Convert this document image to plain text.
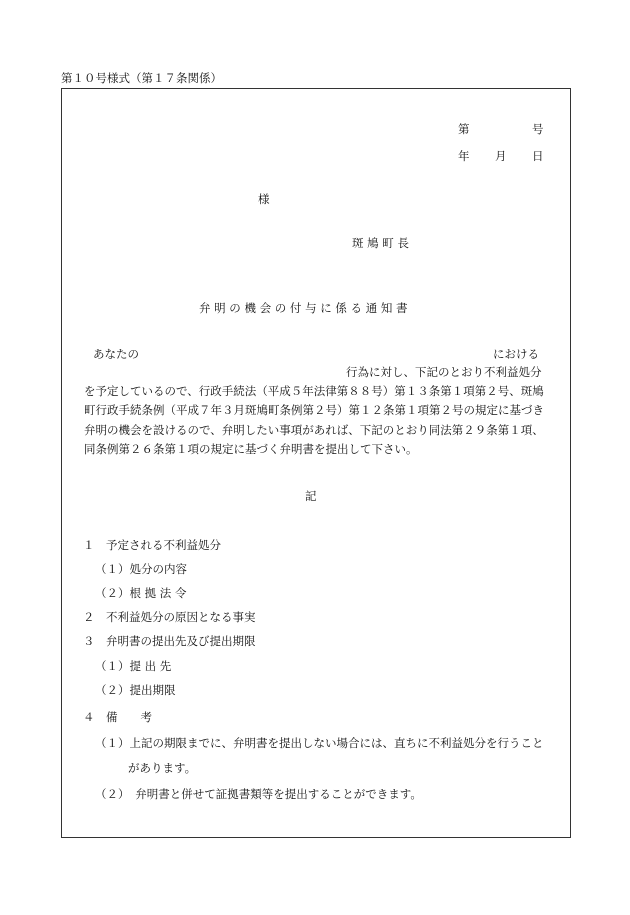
第１０号様式（第１７条関係）
第	号
年 月 日
様
斑 鳩 町 長
弁 明 の 機 会 の 付 与 に 係 る 通 知 書
あなたの	における
行為に対し、下記のとおり不利益処分
を予定しているので、行政手続法（平成５年法律第８８号）第１３条第１項第２号、斑鳩
町行政手続条例（平成７年３月斑鳩町条例第２号）第１２条第１項第２号の規定に基づき
弁明の機会を設けるので、弁明したい事項があれば、下記のとおり同法第２９条第１項、
同条例第２６条第１項の規定に基づく弁明書を提出して下さい。
記
１　予定される不利益処分
（１）処分の内容
（２）根 拠 法 令
２　不利益処分の原因となる事実
３　弁明書の提出先及び提出期限
（１）提 出 先
（２）提出期限
４　備　　考
（１）上記の期限までに、弁明書を提出しない場合には、直ちに不利益処分を行うこと
があります。
（２）　弁明書と併せて証拠書類等を提出することができます。
